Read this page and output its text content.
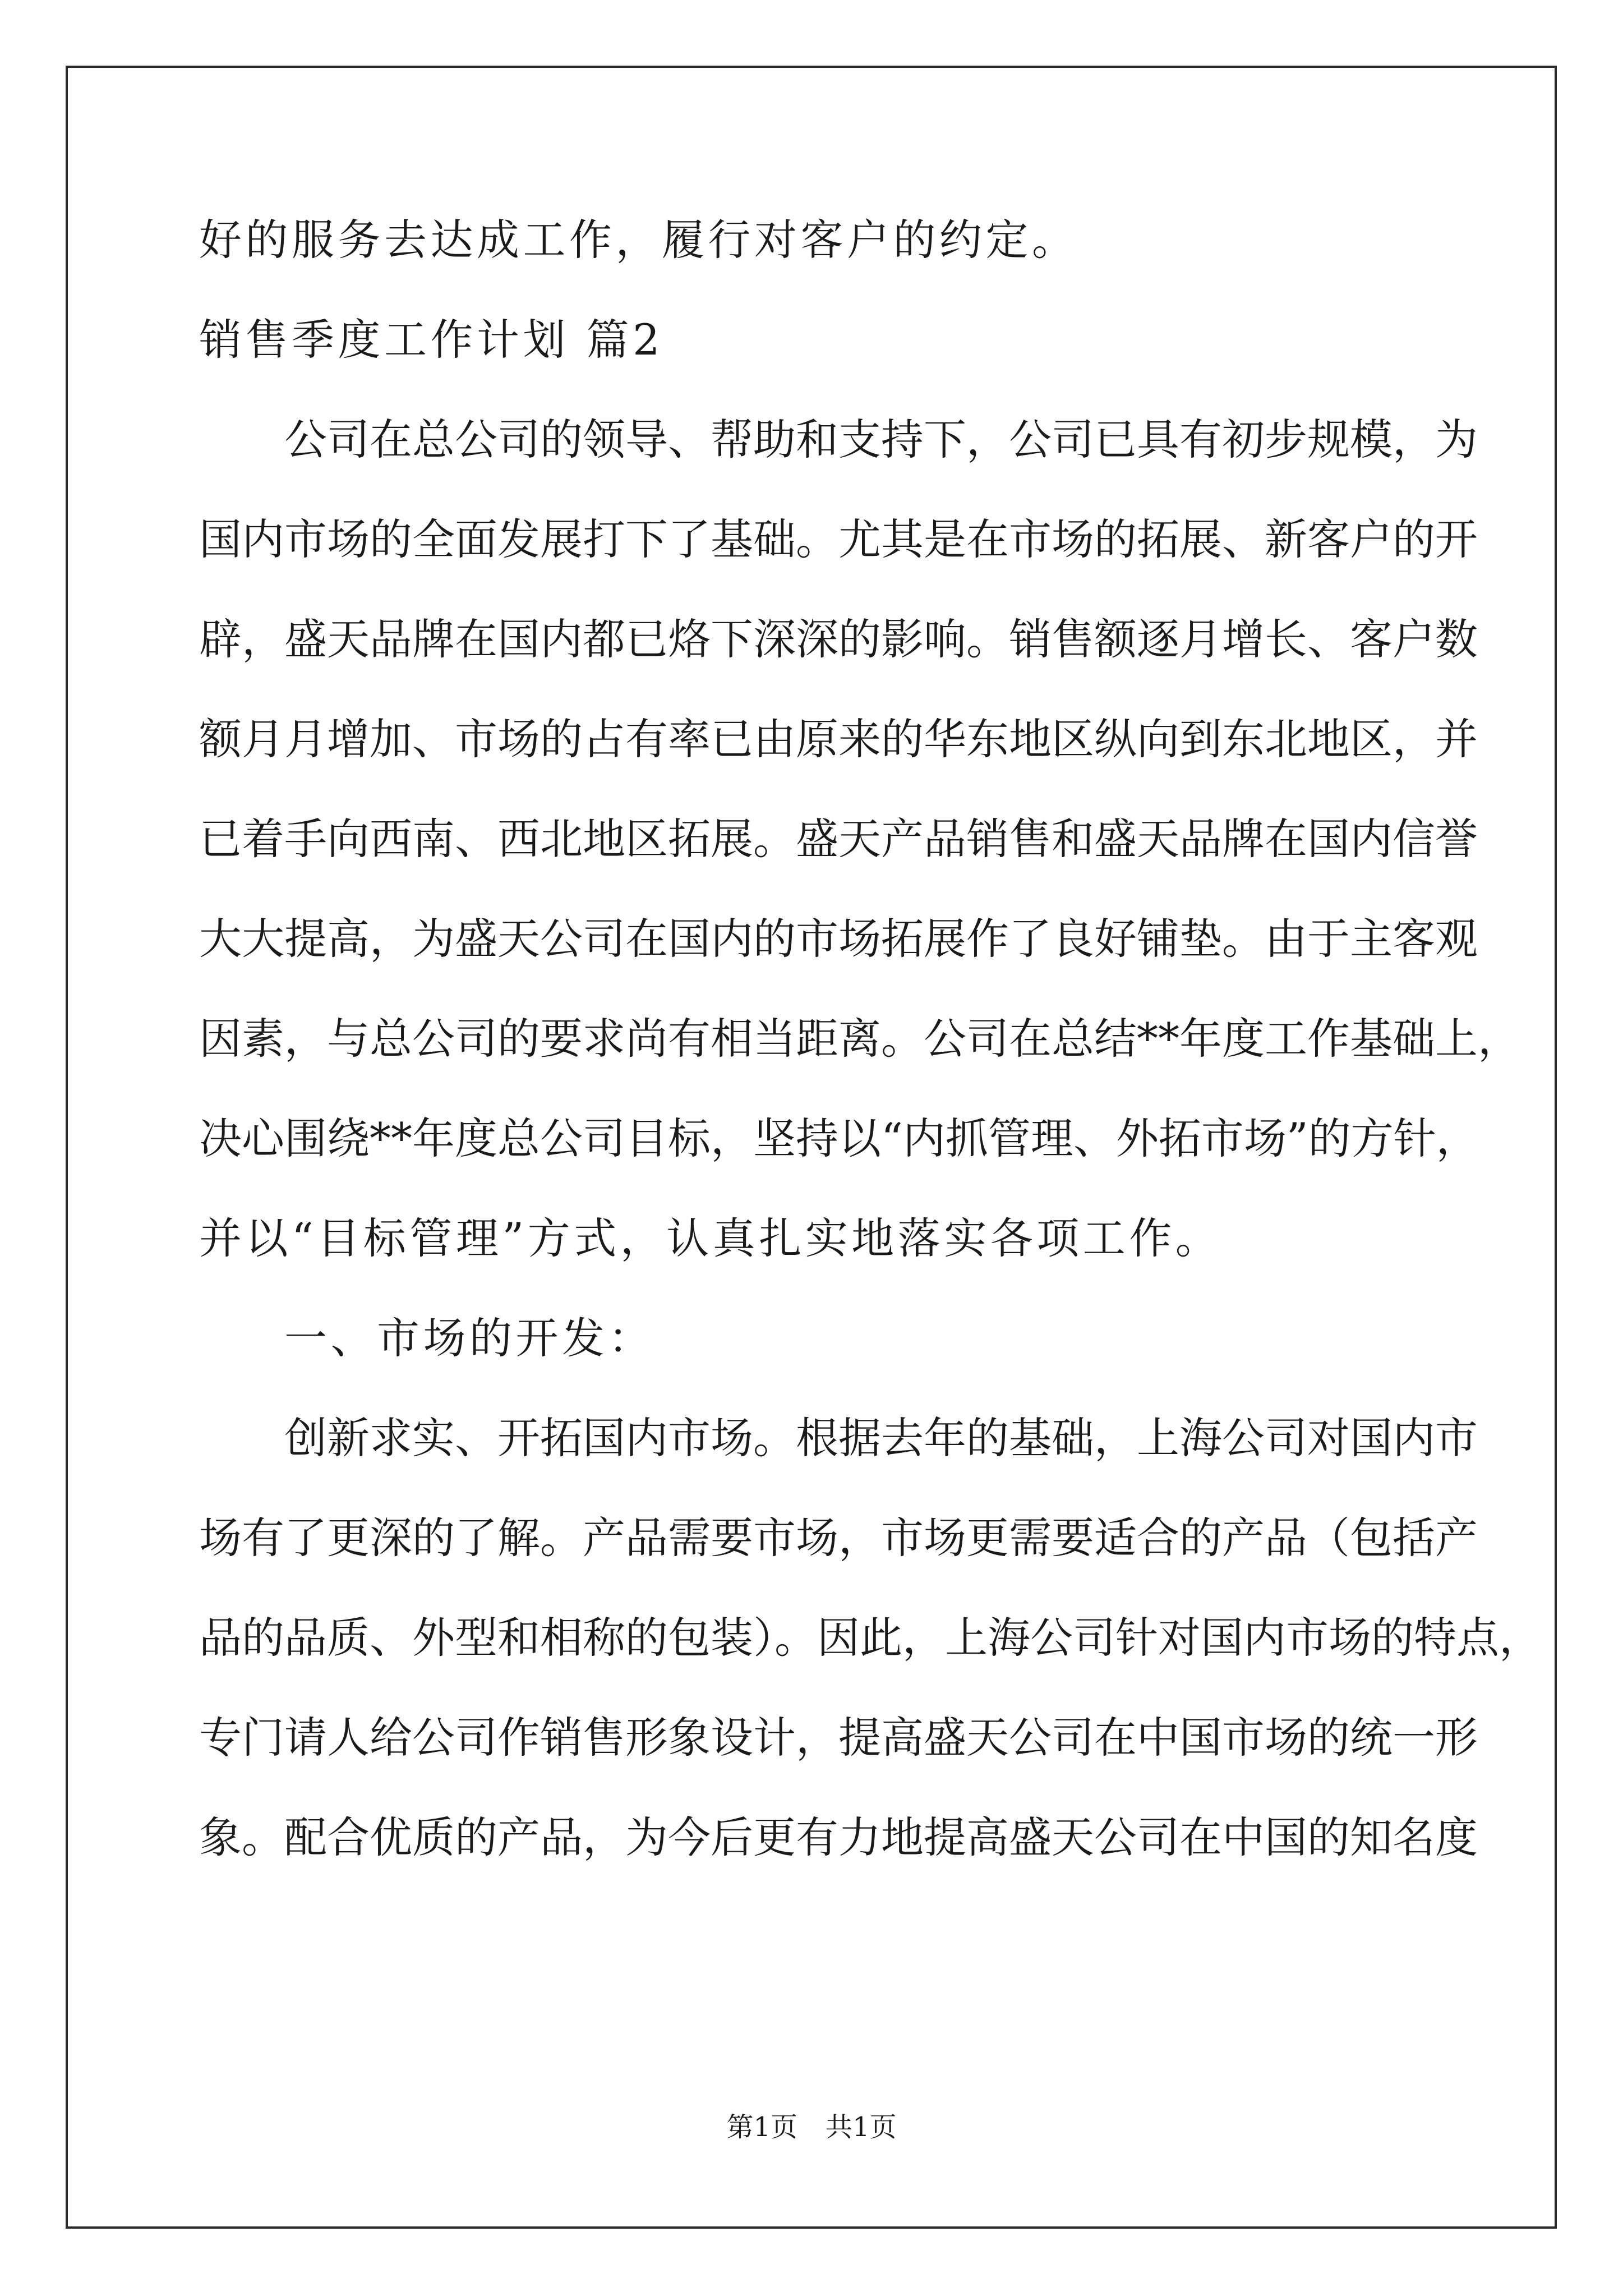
好的服务去达成工作，履行对客户的约定。
销售季度工作计划 篇2
公司在总公司的领导、帮助和支持下，公司已具有初步规模，为
国内市场的全面发展打下了基础。尤其是在市场的拓展、新客户的开
辟，盛天品牌在国内都已烙下深深的影响。销售额逐月增长、客户数
额月月增加、市场的占有率已由原来的华东地区纵向到东北地区，并
已着手向西南、西北地区拓展。盛天产品销售和盛天品牌在国内信誉
大大提高，为盛天公司在国内的市场拓展作了良好铺垫。由于主客观
因素，与总公司的要求尚有相当距离。公司在总结**年度工作基础上，
决心围绕**年度总公司目标，坚持以“内抓管理、外拓市场”的方针，
并以“目标管理”方式，认真扎实地落实各项工作。
一、市场的开发：
创新求实、开拓国内市场。根据去年的基础，上海公司对国内市
场有了更深的了解。产品需要市场，市场更需要适合的产品（包括产
品的品质、外型和相称的包装）。因此，上海公司针对国内市场的特点，
专门请人给公司作销售形象设计，提高盛天公司在中国市场的统一形
象。配合优质的产品，为今后更有力地提高盛天公司在中国的知名度
第1页 共1页
